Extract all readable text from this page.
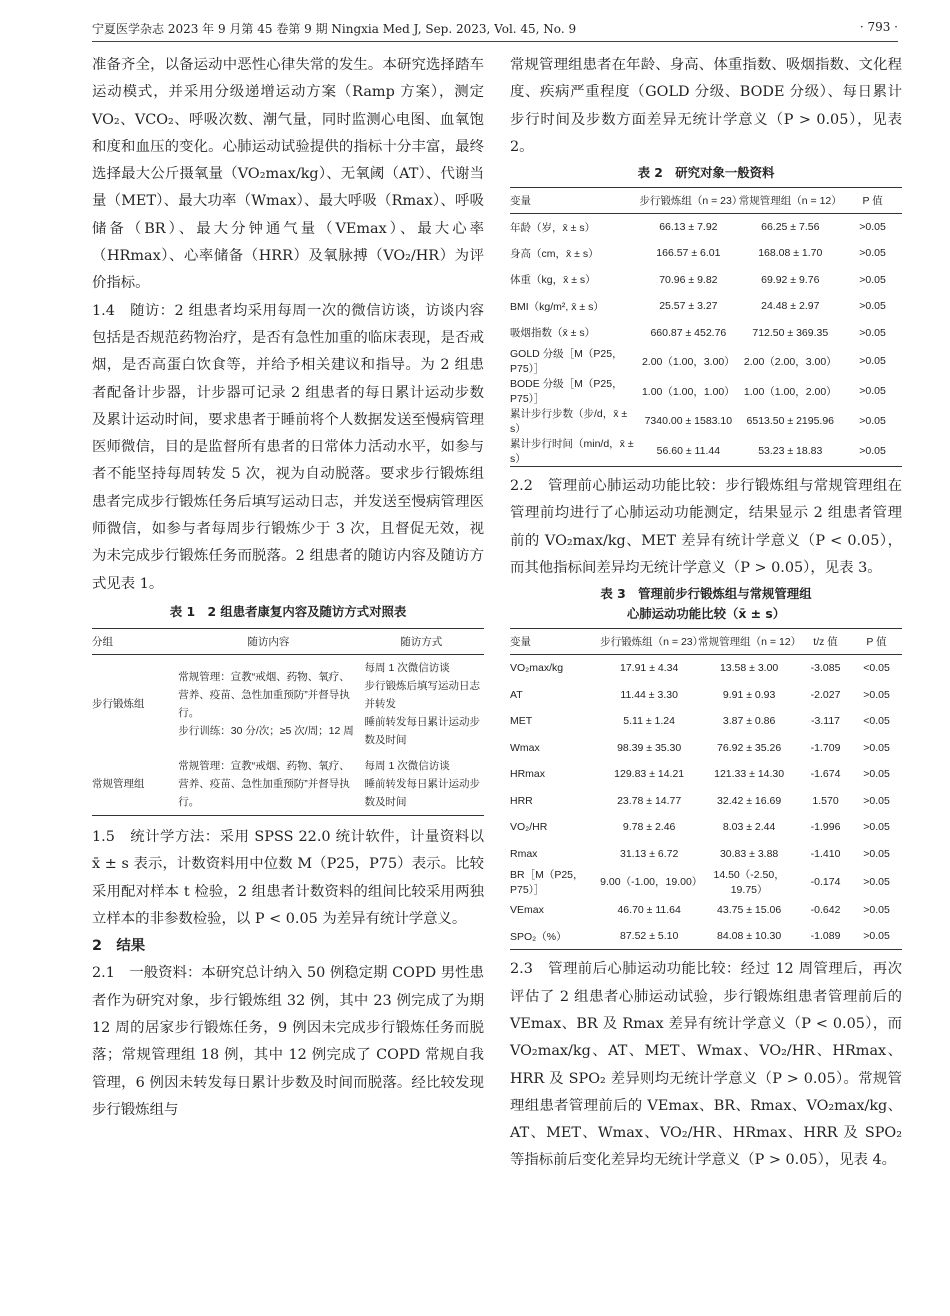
宁夏医学杂志 2023 年 9 月第 45 卷第 9 期 Ningxia Med J, Sep. 2023, Vol. 45, No. 9	· 793 ·

准备齐全，以备运动中恶性心律失常的发生。本研究选择踏车运动模式，并采用分级递增运动方案（Ramp 方案），测定 VO₂、VCO₂、呼吸次数、潮气量，同时监测心电图、血氧饱和度和血压的变化。心肺运动试验提供的指标十分丰富，最终选择最大公斤摄氧量（VO₂max/kg）、无氧阈（AT）、代谢当量（MET）、最大功率（Wmax）、最大呼吸（Rmax）、呼吸储备（BR）、最大分钟通气量（VEmax）、最大心率（HRmax）、心率储备（HRR）及氧脉搏（VO₂/HR）为评价指标。

1.4　随访：2 组患者均采用每周一次的微信访谈，访谈内容包括是否规范药物治疗，是否有急性加重的临床表现，是否戒烟，是否高蛋白饮食等，并给予相关建议和指导。为 2 组患者配备计步器，计步器可记录 2 组患者的每日累计运动步数及累计运动时间，要求患者于睡前将个人数据发送至慢病管理医师微信，目的是监督所有患者的日常体力活动水平，如参与者不能坚持每周转发 5 次，视为自动脱落。要求步行锻炼组患者完成步行锻炼任务后填写运动日志，并发送至慢病管理医师微信，如参与者每周步行锻炼少于 3 次，且督促无效，视为未完成步行锻炼任务而脱落。2 组患者的随访内容及随访方式见表 1。

表 1　2 组患者康复内容及随访方式对照表
分组	随访内容	随访方式
步行锻炼组	常规管理：宣教“戒烟、药物、氧疗、营养、疫苗、急性加重预防”并督导执行。
步行训练：30 分/次；≥5 次/周；12 周	每周 1 次微信访谈
步行锻炼后填写运动日志并转发
睡前转发每日累计运动步数及时间

常规管理组	常规管理：宣教“戒烟、药物、氧疗、营养、疫苗、急性加重预防”并督导执行。	每周 1 次微信访谈
睡前转发每日累计运动步数及时间

1.5　统计学方法：采用 SPSS 22.0 统计软件，计量资料以 x̄ ± s 表示，计数资料用中位数 M（P25，P75）表示。比较采用配对样本 t 检验，2 组患者计数资料的组间比较采用两独立样本的非参数检验，以 P < 0.05 为差异有统计学意义。

2　结果

2.1　一般资料：本研究总计纳入 50 例稳定期 COPD 男性患者作为研究对象，步行锻炼组 32 例，其中 23 例完成了为期 12 周的居家步行锻炼任务，9 例因未完成步行锻炼任务而脱落；常规管理组 18 例，其中 12 例完成了 COPD 常规自我管理，6 例因未转发每日累计步数及时间而脱落。经比较发现步行锻炼组与

常规管理组患者在年龄、身高、体重指数、吸烟指数、文化程度、疾病严重程度（GOLD 分级、BODE 分级）、每日累计步行时间及步数方面差异无统计学意义（P > 0.05），见表 2。

表 2　研究对象一般资料
变量	步行锻炼组（n = 23）	常规管理组（n = 12）	P 值
年龄（岁，x̄ ± s）	66.13 ± 7.92	66.25 ± 7.56	>0.05
身高（cm，x̄ ± s）	166.57 ± 6.01	168.08 ± 1.70	>0.05
体重（kg，x̄ ± s）	70.96 ± 9.82	69.92 ± 9.76	>0.05
BMI（kg/m², x̄ ± s）	25.57 ± 3.27	24.48 ± 2.97	>0.05
吸烟指数（x̄ ± s）	660.87 ± 452.76	712.50 ± 369.35	>0.05
GOLD 分级［M（P25，P75）］	2.00（1.00，3.00）	2.00（2.00，3.00）	>0.05
BODE 分级［M（P25，P75）］	1.00（1.00，1.00）	1.00（1.00，2.00）	>0.05
累计步行步数（步/d，x̄ ± s）	7340.00 ± 1583.10	6513.50 ± 2195.96	>0.05
累计步行时间（min/d，x̄ ± s）	56.60 ± 11.44	53.23 ± 18.83	>0.05

2.2　管理前心肺运动功能比较：步行锻炼组与常规管理组在管理前均进行了心肺运动功能测定，结果显示 2 组患者管理前的 VO₂max/kg、MET 差异有统计学意义（P < 0.05），而其他指标间差异均无统计学意义（P > 0.05），见表 3。

表 3　管理前步行锻炼组与常规管理组
心肺运动功能比较（x̄ ± s）
变量	步行锻炼组（n = 23）	常规管理组（n = 12）	t/z 值	P 值
VO₂max/kg	17.91 ± 4.34	13.58 ± 3.00	-3.085	<0.05
AT	11.44 ± 3.30	9.91 ± 0.93	-2.027	>0.05
MET	5.11 ± 1.24	3.87 ± 0.86	-3.117	<0.05
Wmax	98.39 ± 35.30	76.92 ± 35.26	-1.709	>0.05
HRmax	129.83 ± 14.21	121.33 ± 14.30	-1.674	>0.05
HRR	23.78 ± 14.77	32.42 ± 16.69	1.570	>0.05
VO₂/HR	9.78 ± 2.46	8.03 ± 2.44	-1.996	>0.05
Rmax	31.13 ± 6.72	30.83 ± 3.88	-1.410	>0.05
BR［M（P25，P75）］	9.00（-1.00，19.00）	14.50（-2.50，19.75）	-0.174	>0.05
VEmax	46.70 ± 11.64	43.75 ± 15.06	-0.642	>0.05
SPO₂（%）	87.52 ± 5.10	84.08 ± 10.30	-1.089	>0.05

2.3　管理前后心肺运动功能比较：经过 12 周管理后，再次评估了 2 组患者心肺运动试验，步行锻炼组患者管理前后的 VEmax、BR 及 Rmax 差异有统计学意义（P < 0.05），而 VO₂max/kg、AT、MET、Wmax、VO₂/HR、HRmax、HRR 及 SPO₂ 差异则均无统计学意义（P > 0.05）。常规管理组患者管理前后的 VEmax、BR、Rmax、VO₂max/kg、AT、MET、Wmax、VO₂/HR、HRmax、HRR 及 SPO₂ 等指标前后变化差异均无统计学意义（P > 0.05），见表 4。
